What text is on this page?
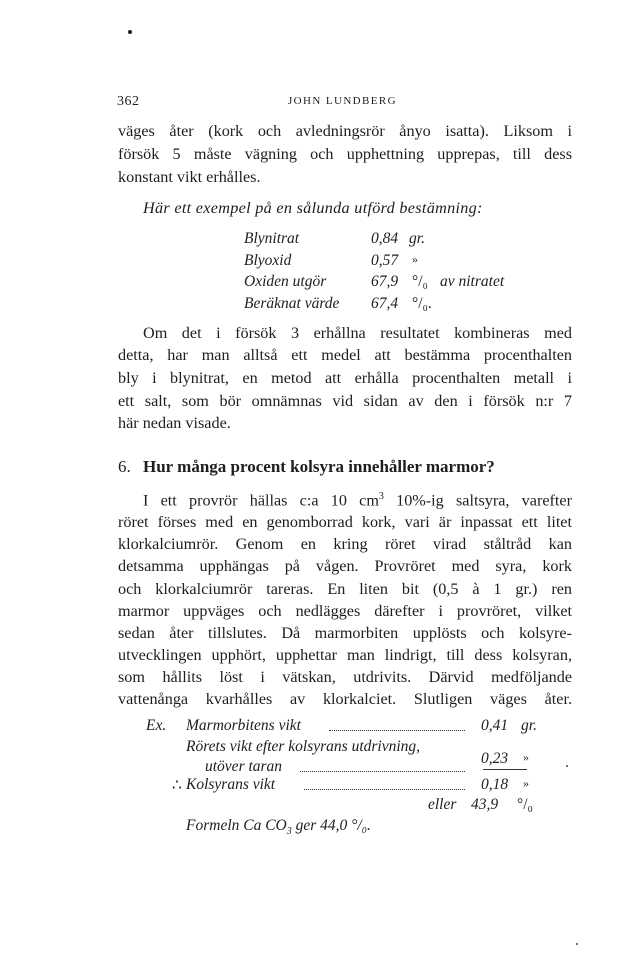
362	JOHN LUNDBERG
väges åter (kork och avledningsrör ånyo isatta). Liksom i
försök 5 måste vägning och upphettning upprepas, till dess
konstant vikt erhålles.
Här ett exempel på en sålunda utförd bestämning:
Blynitrat	0,84 gr.
Blyoxid	0,57 »
Oxiden utgör	67,9 °/₀ av nitratet
Beräknat värde 67,4 °/₀.
Om det i försök 3 erhållna resultatet kombineras med
detta, har man alltså ett medel att bestämma procenthalten
bly i blynitrat, en metod att erhålla procenthalten metall i
ett salt, som bör omnämnas vid sidan av den i försök n:r 7
här nedan visade.
6. Hur många procent kolsyra innehåller marmor?
I ett provrör hällas c:a 10 $cm^3$ 10%-ig saltsyra, varefter
röret förses med en genomborrad kork, vari är inpassat ett litet
klorkalciumrör. Genom en kring röret virad ståltråd kan
detsamma upphängas på vågen. Provröret med syra, kork
och klorkalciumrör tareras. En liten bit (0,5 à 1 gr.) ren
marmor uppväges och nedlägges därefter i provröret, vilket
sedan åter tillslutes. Då marmorbiten upplösts och kolsyre-
utvecklingen upphört, upphettar man lindrigt, till dess kolsyran,
som hållits löst i vätskan, utdrivits. Därvid medföljande
vattenånga kvarhålles av klorkalciet. Slutligen väges åter.
Ex. Marmorbitens vikt	0,41 gr.
Rörets vikt efter kolsyrans utdrivning,
utöver taran	0,23 »
∴ Kolsyrans vikt	0,18 »
eller 43,9 °/₀
Formeln Ca $CO_3$ ger 44,0 °/₀.
